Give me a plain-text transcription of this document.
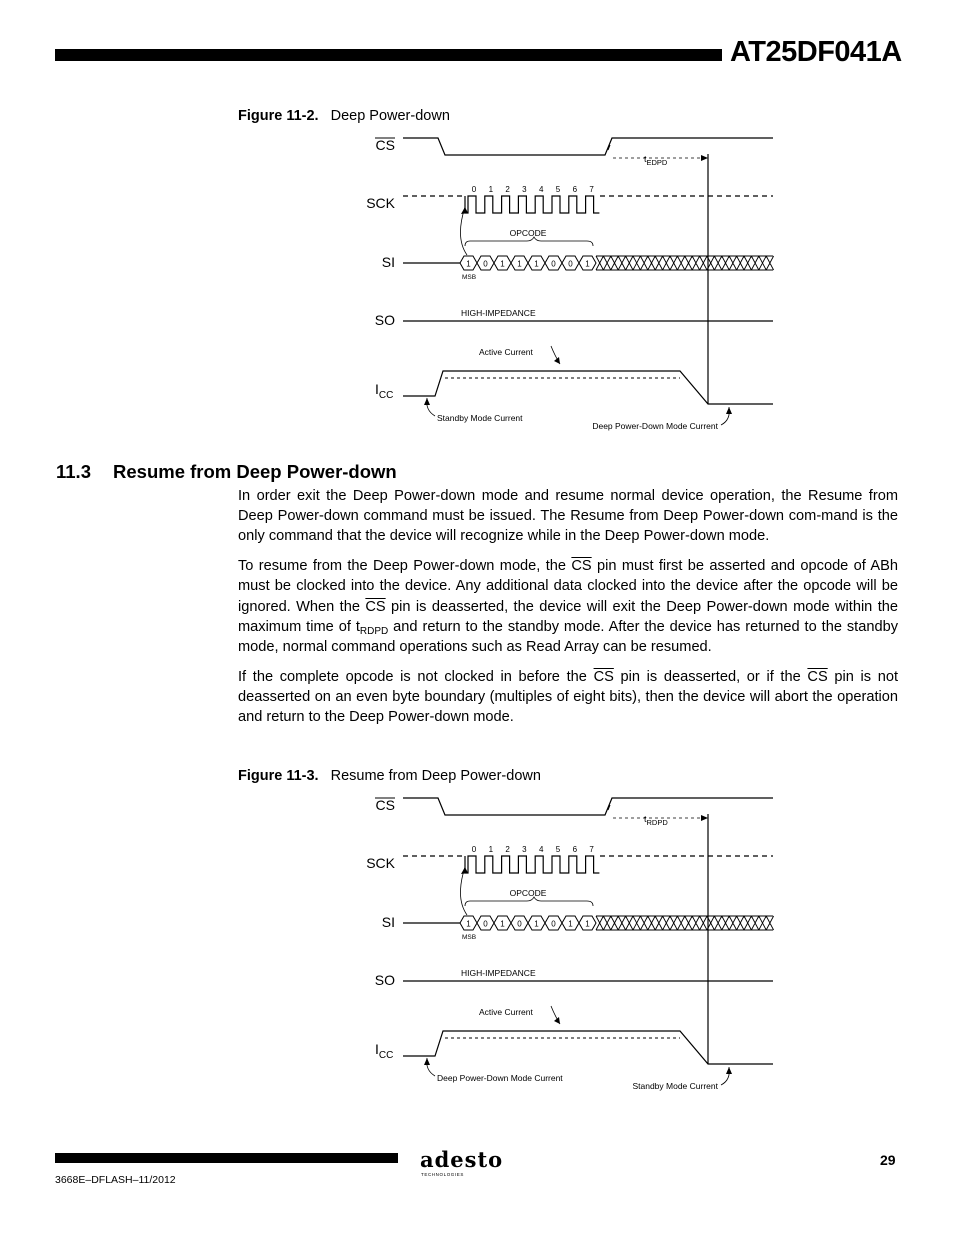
AT25DF041A
Figure 11-2. Deep Power-down
CS
SCK
SI
SO
$I_{CC}$
$t_{EDPD}$
0 1 2 3 4 5 6 7
OPCODE
1 0 1 1 1 0 0 1
MSB
HIGH-IMPEDANCE
Active Current
Standby Mode Current
Deep Power-Down Mode Current
11.3 Resume from Deep Power-down

In order exit the Deep Power-down mode and resume normal device operation, the Resume from Deep Power-down command must be issued. The Resume from Deep Power-down com-mand is the only command that the device will recognize while in the Deep Power-down mode.

To resume from the Deep Power-down mode, the $\overline{CS}$ pin must first be asserted and opcode of ABh must be clocked into the device. Any additional data clocked into the device after the opcode will be ignored. When the $\overline{CS}$ pin is deasserted, the device will exit the Deep Power-down mode within the maximum time of $t_{RDPD}$ and return to the standby mode. After the device has returned to the standby mode, normal command operations such as Read Array can be resumed.

If the complete opcode is not clocked in before the $\overline{CS}$ pin is deasserted, or if the $\overline{CS}$ pin is not deasserted on an even byte boundary (multiples of eight bits), then the device will abort the operation and return to the Deep Power-down mode.

Figure 11-3. Resume from Deep Power-down
CS
SCK
SI
SO
$I_{CC}$
$t_{RDPD}$
0 1 2 3 4 5 6 7
OPCODE
1 0 1 0 1 0 1 1
MSB
HIGH-IMPEDANCE
Active Current
Deep Power-Down Mode Current
Standby Mode Current
3668E–DFLASH–11/2012
adesto
TECHNOLOGIES
29
